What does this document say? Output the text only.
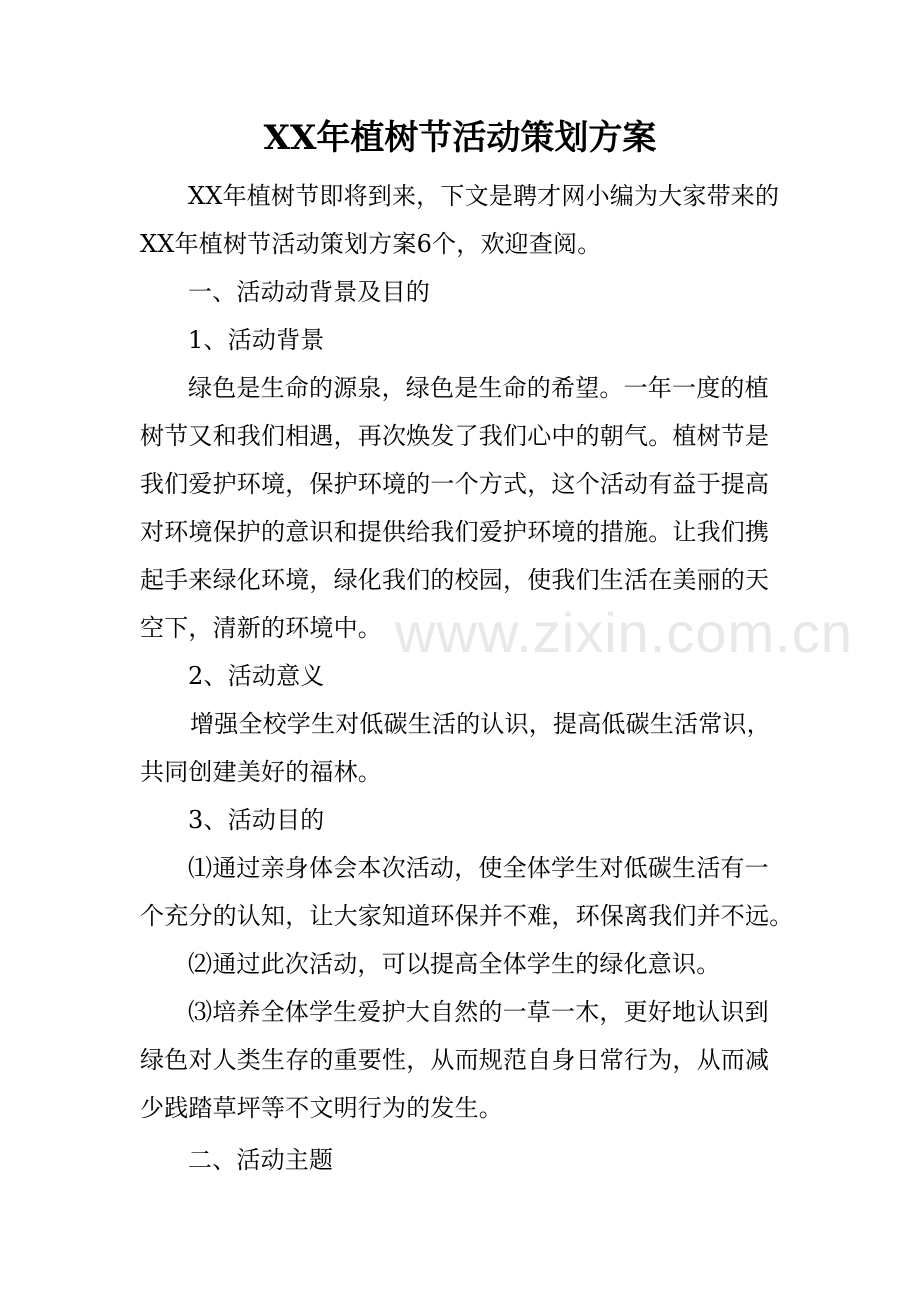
XX年植树节活动策划方案
XX年植树节即将到来，下文是聘才网小编为大家带来的
XX年植树节活动策划方案6个，欢迎查阅。
一、活动动背景及目的
1、活动背景
绿色是生命的源泉，绿色是生命的希望。一年一度的植
树节又和我们相遇，再次焕发了我们心中的朝气。植树节是
我们爱护环境，保护环境的一个方式，这个活动有益于提高
对环境保护的意识和提供给我们爱护环境的措施。让我们携
起手来绿化环境，绿化我们的校园，使我们生活在美丽的天
空下，清新的环境中。
2、活动意义
增强全校学生对低碳生活的认识，提高低碳生活常识，
共同创建美好的福林。
3、活动目的
⑴通过亲身体会本次活动，使全体学生对低碳生活有一
个充分的认知，让大家知道环保并不难，环保离我们并不远。
⑵通过此次活动，可以提高全体学生的绿化意识。
⑶培养全体学生爱护大自然的一草一木，更好地认识到
绿色对人类生存的重要性，从而规范自身日常行为，从而减
少践踏草坪等不文明行为的发生。
二、活动主题
www.zixin.com.cn
